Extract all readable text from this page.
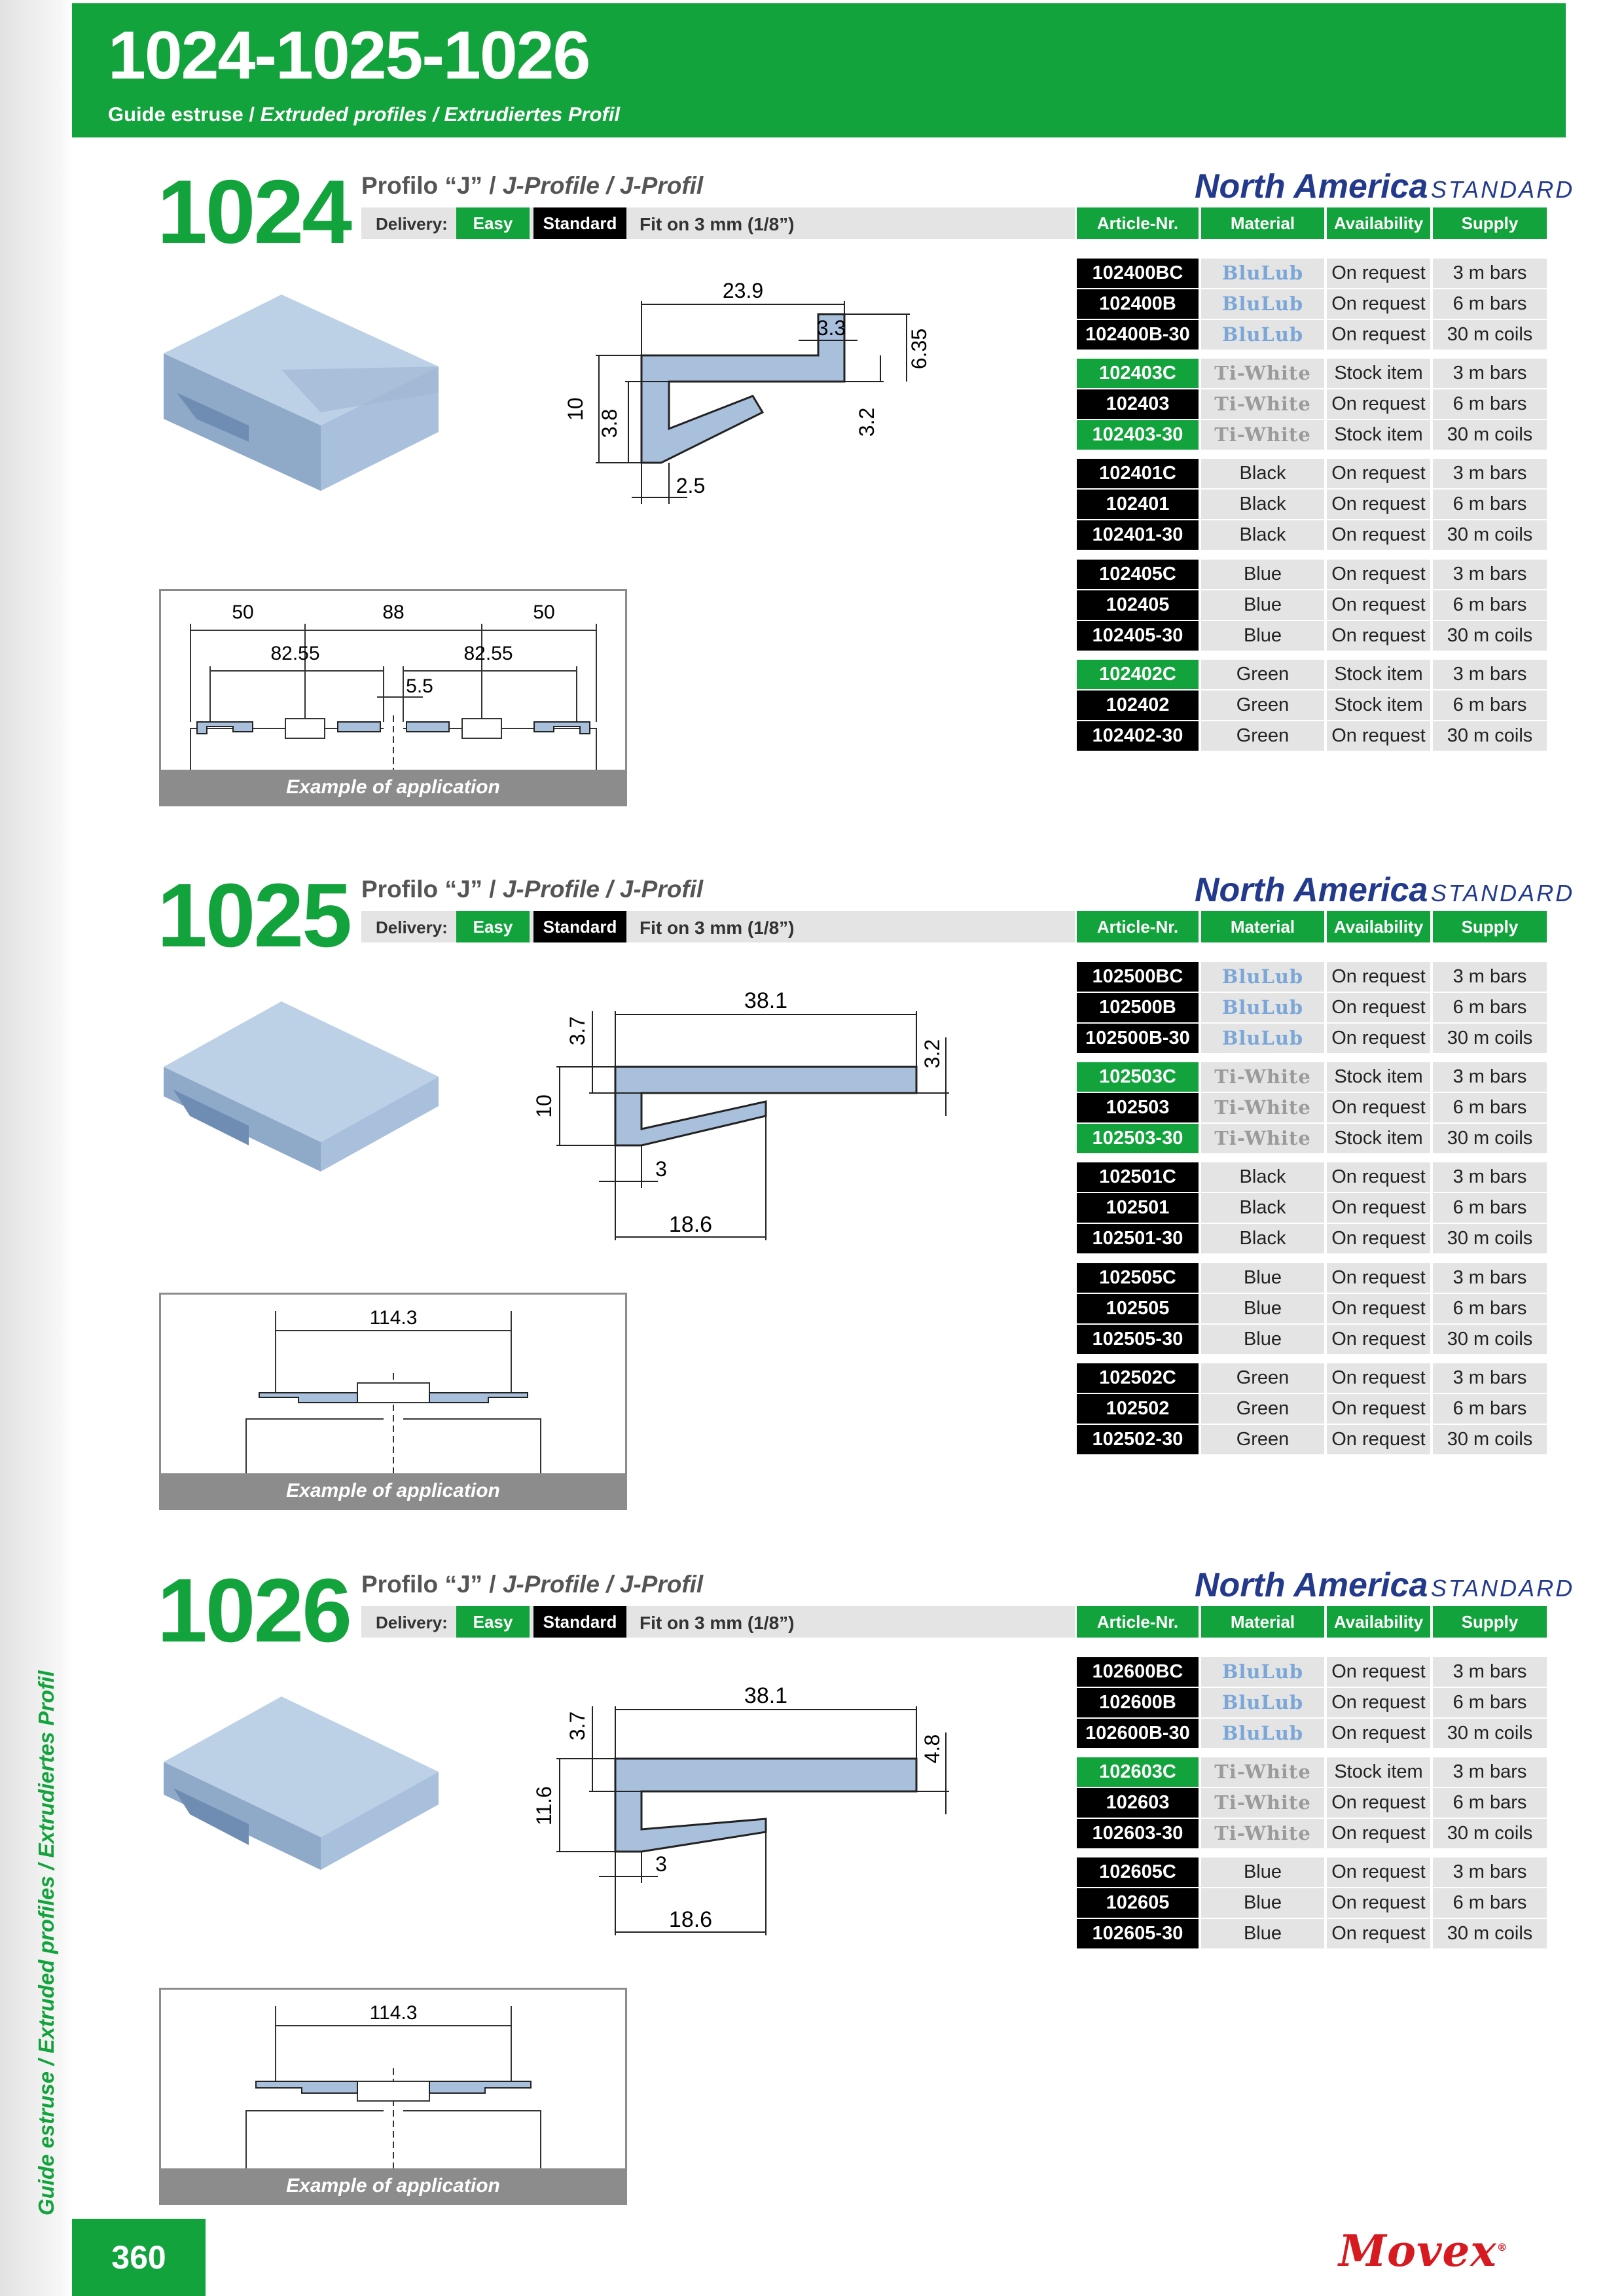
Guide estruse / Extruded profiles / Extrudiertes Profil
1024-1025-1026
Guide estruse / Extruded profiles / Extrudiertes Profil
1024 Profilo “J” / J-Profile / J-Profil	North America STANDARD
Delivery:	Easy	Standard	Fit on 3 mm (1/8”)	Article-Nr.	Material	Availability	Supply
23.9
3.3
10 3.8	3.2
6.35
2.5
50	88	50
82.55	82.55
5.5
Example of application
102400BC	BluLub	On request	3 m bars
102400B	BluLub	On request	6 m bars
102400B-30	BluLub	On request	30 m coils
102403C	Ti-White	Stock item	3 m bars
102403	Ti-White	On request	6 m bars
102403-30	Ti-White	Stock item	30 m coils
102401C	Black	On request	3 m bars
102401	Black	On request	6 m bars
102401-30	Black	On request	30 m coils
102405C	Blue	On request	3 m bars
102405	Blue	On request	6 m bars
102405-30	Blue	On request	30 m coils
102402C	Green	Stock item	3 m bars
102402	Green	Stock item	6 m bars
102402-30	Green	On request	30 m coils
1025 Profilo “J” / J-Profile / J-Profil	North America STANDARD
Delivery:	Easy	Standard	Fit on 3 mm (1/8”)	Article-Nr.	Material	Availability	Supply
38.1
3.7
3.2
10
3
18.6
114.3
Example of application
102500BC	BluLub	On request	3 m bars
102500B	BluLub	On request	6 m bars
102500B-30	BluLub	On request	30 m coils
102503C	Ti-White	Stock item	3 m bars
102503	Ti-White	On request	6 m bars
102503-30	Ti-White	Stock item	30 m coils
102501C	Black	On request	3 m bars
102501	Black	On request	6 m bars
102501-30	Black	On request	30 m coils
102505C	Blue	On request	3 m bars
102505	Blue	On request	6 m bars
102505-30	Blue	On request	30 m coils
102502C	Green	On request	3 m bars
102502	Green	On request	6 m bars
102502-30	Green	On request	30 m coils
1026 Profilo “J” / J-Profile / J-Profil	North America STANDARD
Delivery:	Easy	Standard	Fit on 3 mm (1/8”)	Article-Nr.	Material	Availability	Supply
38.1
3.7
4.8
11.6
3
18.6
114.3
Example of application
102600BC	BluLub	On request	3 m bars
102600B	BluLub	On request	6 m bars
102600B-30	BluLub	On request	30 m coils
102603C	Ti-White	Stock item	3 m bars
102603	Ti-White	On request	6 m bars
102603-30	Ti-White	On request	30 m coils
102605C	Blue	On request	3 m bars
102605	Blue	On request	6 m bars
102605-30	Blue	On request	30 m coils
360	Movex®
